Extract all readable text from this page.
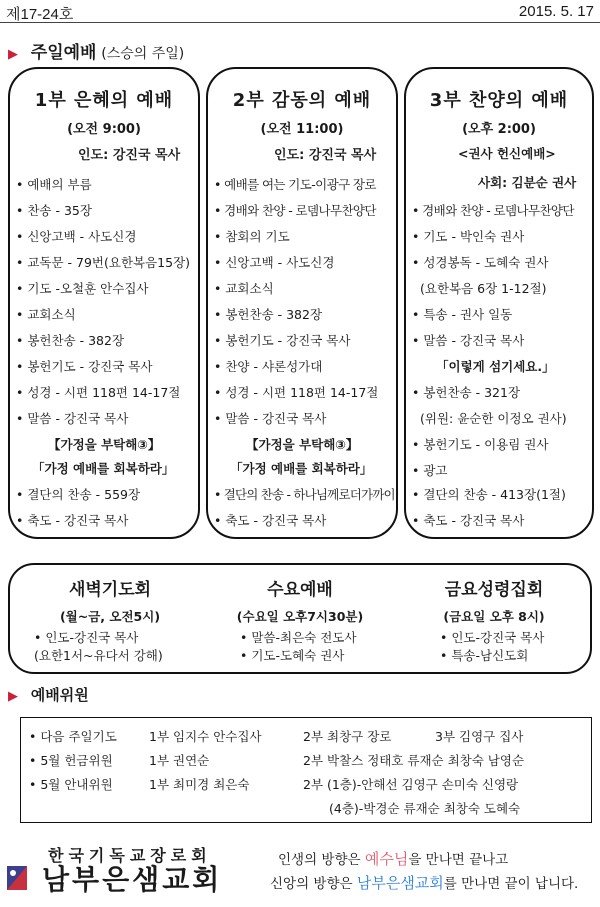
제17-24호	2015. 5. 17
▶ 주일예배 (스승의 주일)
1부 은혜의 예배
(오전 9:00)
인도: 강진국 목사
• 예배의 부름
• 찬송 - 35장
• 신앙고백 - 사도신경
• 교독문 - 79번(요한복음15장)
• 기도 -오철훈 안수집사
• 교회소식
• 봉헌찬송 - 382장
• 봉헌기도 - 강진국 목사
• 성경 - 시편 118편 14-17절
• 말씀 - 강진국 목사
【가정을 부탁해③】
「가정 예배를 회복하라」
• 결단의 찬송 - 559장
• 축도 - 강진국 목사
2부 감동의 예배
(오전 11:00)
인도: 강진국 목사
• 예배를 여는 기도-이광구 장로
• 경배와 찬양 - 로뎀나무찬양단
• 참회의 기도
• 신앙고백 - 사도신경
• 교회소식
• 봉헌찬송 - 382장
• 봉헌기도 - 강진국 목사
• 찬양 - 샤론성가대
• 성경 - 시편 118편 14-17절
• 말씀 - 강진국 목사
【가정을 부탁해③】
「가정 예배를 회복하라」
• 결단의 찬송 - 하나님께로더가까이
• 축도 - 강진국 목사
3부 찬양의 예배
(오후 2:00)
<권사 헌신예배>
사회: 김분순 권사
• 경배와 찬양 - 로뎀나무찬양단
• 기도 - 박인숙 권사
• 성경봉독 - 도혜숙 권사
(요한복음 6장 1-12절)
• 특송 - 권사 일동
• 말씀 - 강진국 목사
「이렇게 섬기세요.」
• 봉헌찬송 - 321장
(위원: 윤순한 이정오 권사)
• 봉헌기도 - 이용림 권사
• 광고
• 결단의 찬송 - 413장(1절)
• 축도 - 강진국 목사
새벽기도회
(월~금, 오전5시)
• 인도-강진국 목사
(요한1서~유다서 강해)
수요예배
(수요일 오후7시30분)
• 말씀-최은숙 전도사
• 기도-도혜숙 권사
금요성령집회
(금요일 오후 8시)
• 인도-강진국 목사
• 특송-남신도회
▶ 예배위원
• 다음 주일기도	1부 임지수 안수집사	2부 최창구 장로	3부 김영구 집사
• 5월 헌금위원	1부 권연순	2부 박찰스 정태호 류재순 최창숙 남영순
• 5월 안내위원	1부 최미경 최은숙	2부 (1층)-안해선 김영구 손미숙 신영랑
(4층)-박경순 류재순 최창숙 도혜숙
한국기독교장로회
남부은샘교회
인생의 방향은 예수님을 만나면 끝나고
신앙의 방향은 남부은샘교회를 만나면 끝이 납니다.
